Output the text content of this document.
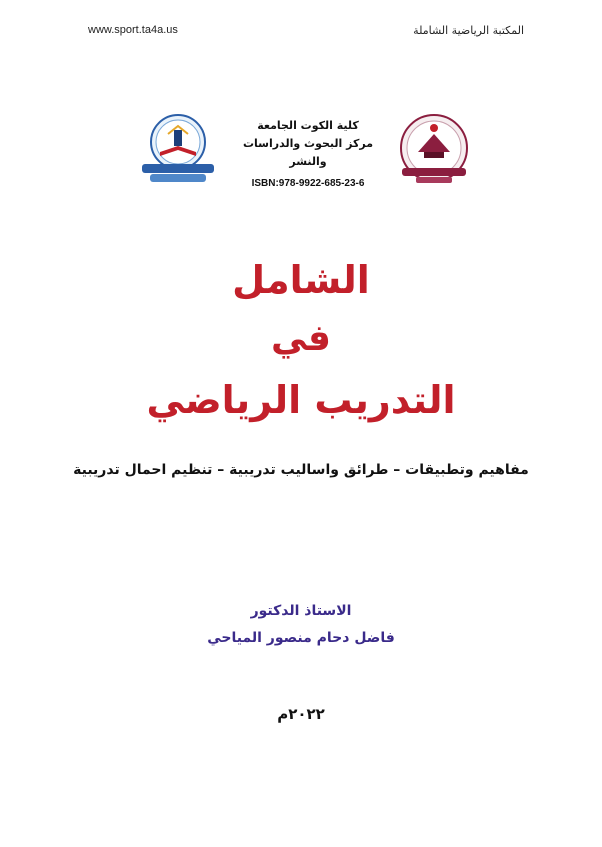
www.sport.ta4a.us	المكتبة الرياضية الشاملة
كلية الكوت الجامعة
مركز البحوث والدراسات والنشر
ISBN:978-9922-685-23-6
الشامل
في
التدريب الرياضي
مفاهيم وتطبيقات – طرائق واساليب تدريبية – تنظيم احمال تدريبية
الاستاذ الدكتور
فاضل دحام منصور المياحي
٢٠٢٢م
